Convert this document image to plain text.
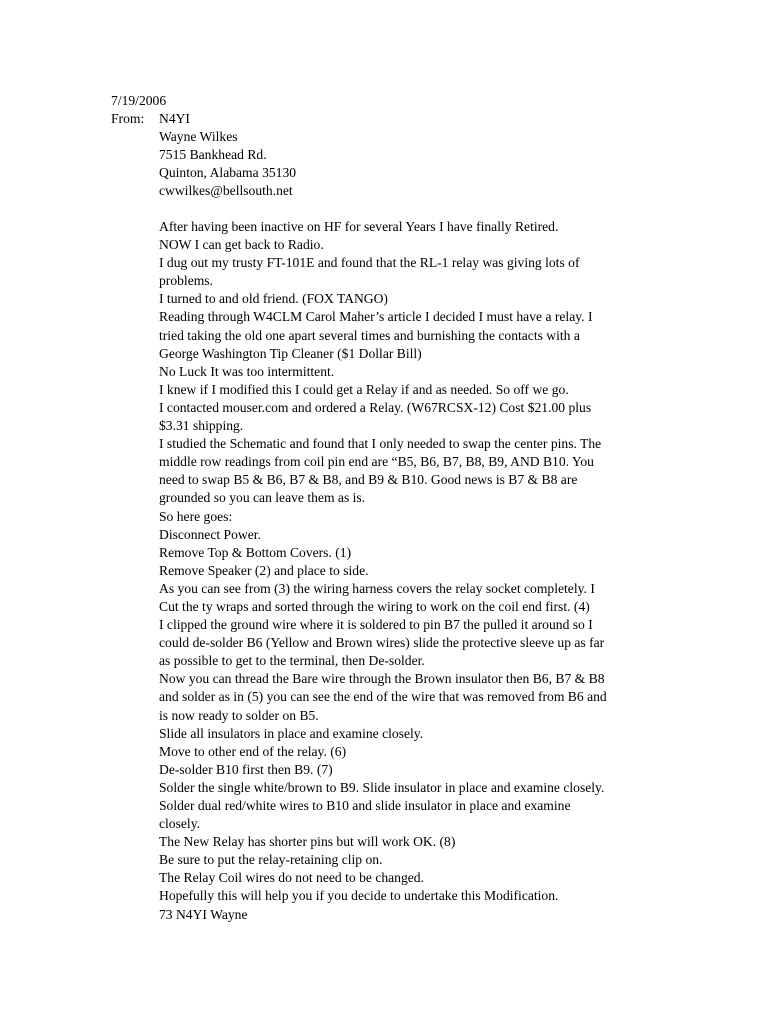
7/19/2006
From: N4YI
Wayne Wilkes
7515 Bankhead Rd.
Quinton, Alabama 35130
cwwilkes@bellsouth.net
After having been inactive on HF for several Years I have finally Retired.
NOW I can get back to Radio.
I dug out my trusty FT-101E and found that the RL-1 relay was giving lots of
problems.
I turned to and old friend. (FOX TANGO)
Reading through W4CLM Carol Maher’s article I decided I must have a relay. I
tried taking the old one apart several times and burnishing the contacts with a
George Washington Tip Cleaner ($1 Dollar Bill)
No Luck It was too intermittent.
I knew if I modified this I could get a Relay if and as needed. So off we go.
I contacted mouser.com and ordered a Relay. (W67RCSX-12) Cost $21.00 plus
$3.31 shipping.
I studied the Schematic and found that I only needed to swap the center pins. The
middle row readings from coil pin end are “B5, B6, B7, B8, B9, AND B10. You
need to swap B5 & B6, B7 & B8, and B9 & B10. Good news is B7 & B8 are
grounded so you can leave them as is.
So here goes:
Disconnect Power.
Remove Top & Bottom Covers. (1)
Remove Speaker (2) and place to side.
As you can see from (3) the wiring harness covers the relay socket completely. I
Cut the ty wraps and sorted through the wiring to work on the coil end first. (4)
I clipped the ground wire where it is soldered to pin B7 the pulled it around so I
could de-solder B6 (Yellow and Brown wires) slide the protective sleeve up as far
as possible to get to the terminal, then De-solder.
Now you can thread the Bare wire through the Brown insulator then B6, B7 & B8
and solder as in (5) you can see the end of the wire that was removed from B6 and
is now ready to solder on B5.
Slide all insulators in place and examine closely.
Move to other end of the relay. (6)
De-solder B10 first then B9. (7)
Solder the single white/brown to B9. Slide insulator in place and examine closely.
Solder dual red/white wires to B10 and slide insulator in place and examine
closely.
The New Relay has shorter pins but will work OK. (8)
Be sure to put the relay-retaining clip on.
The Relay Coil wires do not need to be changed.
Hopefully this will help you if you decide to undertake this Modification.
73 N4YI Wayne
